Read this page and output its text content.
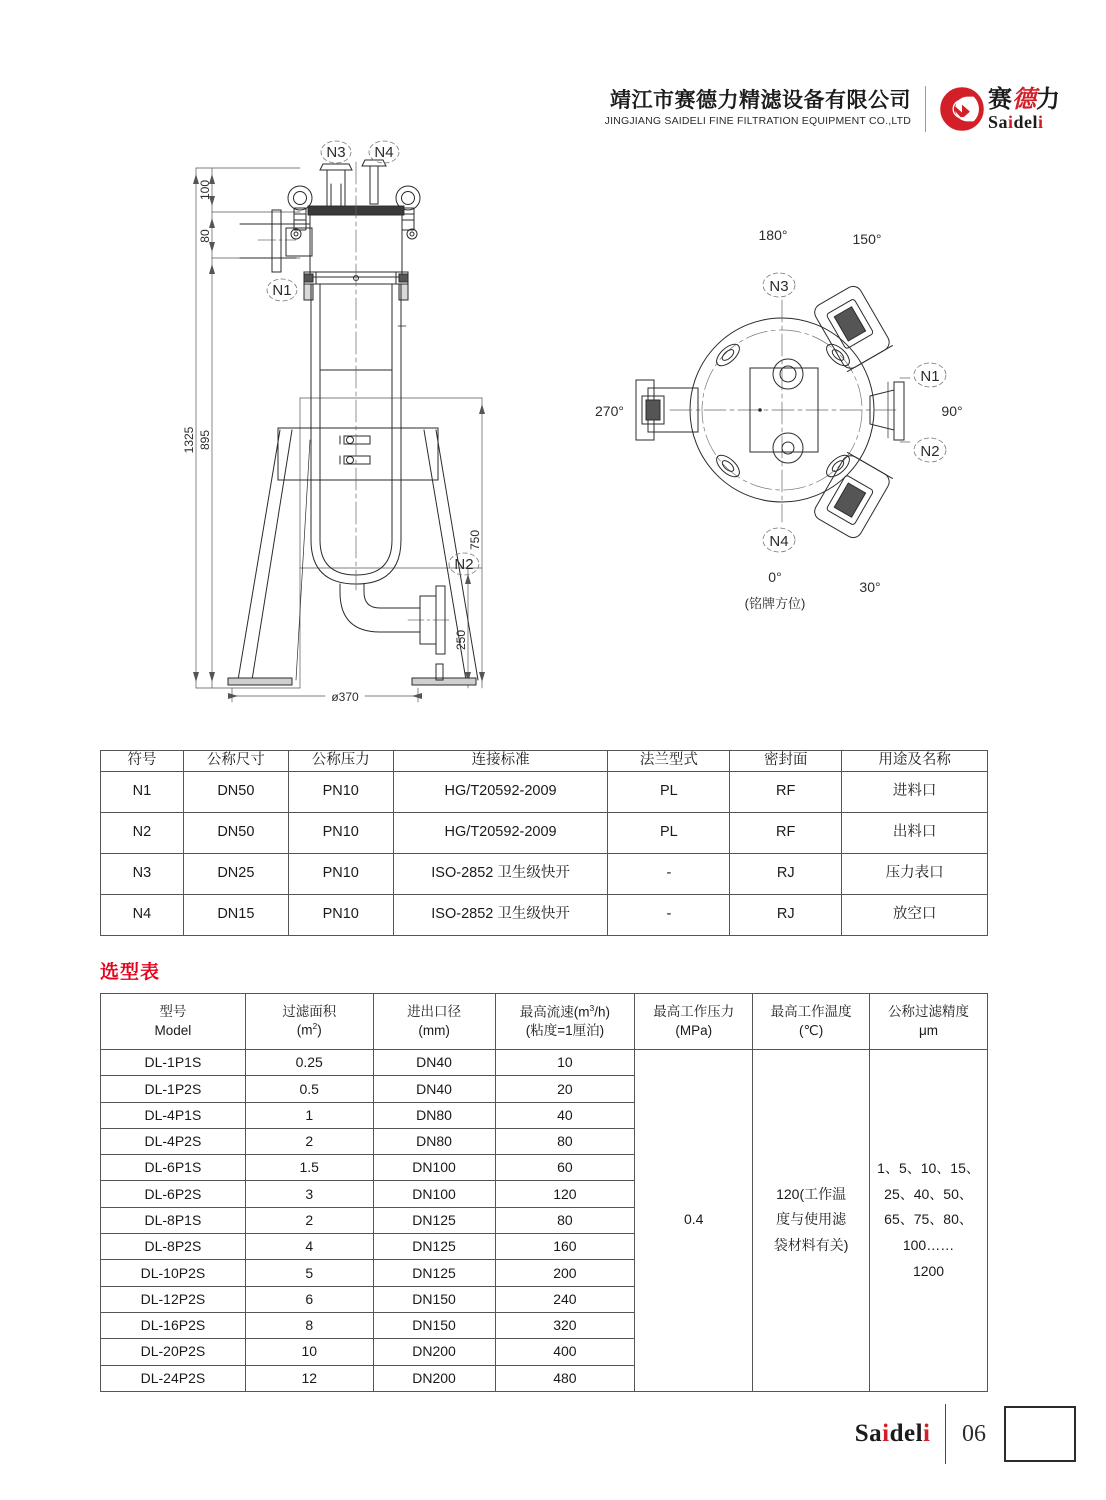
靖江市赛德力精滤设备有限公司
JINGJIANG SAIDELI FINE FILTRATION EQUIPMENT CO.,LTD
赛德力
Saideli
1325
100
80
895
750
250
ø370
N3 N4
N1
N2
180°	150°
90°
30°
0°
270°
(铭牌方位)
N3
N4
N1
N2
符号	公称尺寸	公称压力	连接标准	法兰型式	密封面	用途及名称
N1	DN50	PN10	HG/T20592-2009	PL	RF	进料口
N2	DN50	PN10	HG/T20592-2009	PL	RF	出料口
N3	DN25	PN10	ISO-2852 卫生级快开	-	RJ	压力表口
N4	DN15	PN10	ISO-2852 卫生级快开	-	RJ	放空口
选型表
型号
Model

过滤面积
$(m^2)$

进出口径
(mm)

最高流速$(m^3/h)$
(粘度=1厘泊)

最高工作压力
(MPa)

最高工作温度
(℃)

公称过滤精度
μm

DL-1P1S	0.25	DN40	10	0.4	
120(工作温
度与使用滤
袋材料有关)

1、5、10、15、
25、40、50、
65、75、80、
100……
1200

DL-1P2S	0.5	DN40	20			
DL-4P1S	1	DN80	40			
DL-4P2S	2	DN80	80			
DL-6P1S	1.5	DN100	60			
DL-6P2S	3	DN100	120			
DL-8P1S	2	DN125	80			
DL-8P2S	4	DN125	160			
DL-10P2S	5	DN125	200			
DL-12P2S	6	DN150	240			
DL-16P2S	8	DN150	320			
DL-20P2S	10	DN200	400			
DL-24P2S	12	DN200	480			
Saideli	06
